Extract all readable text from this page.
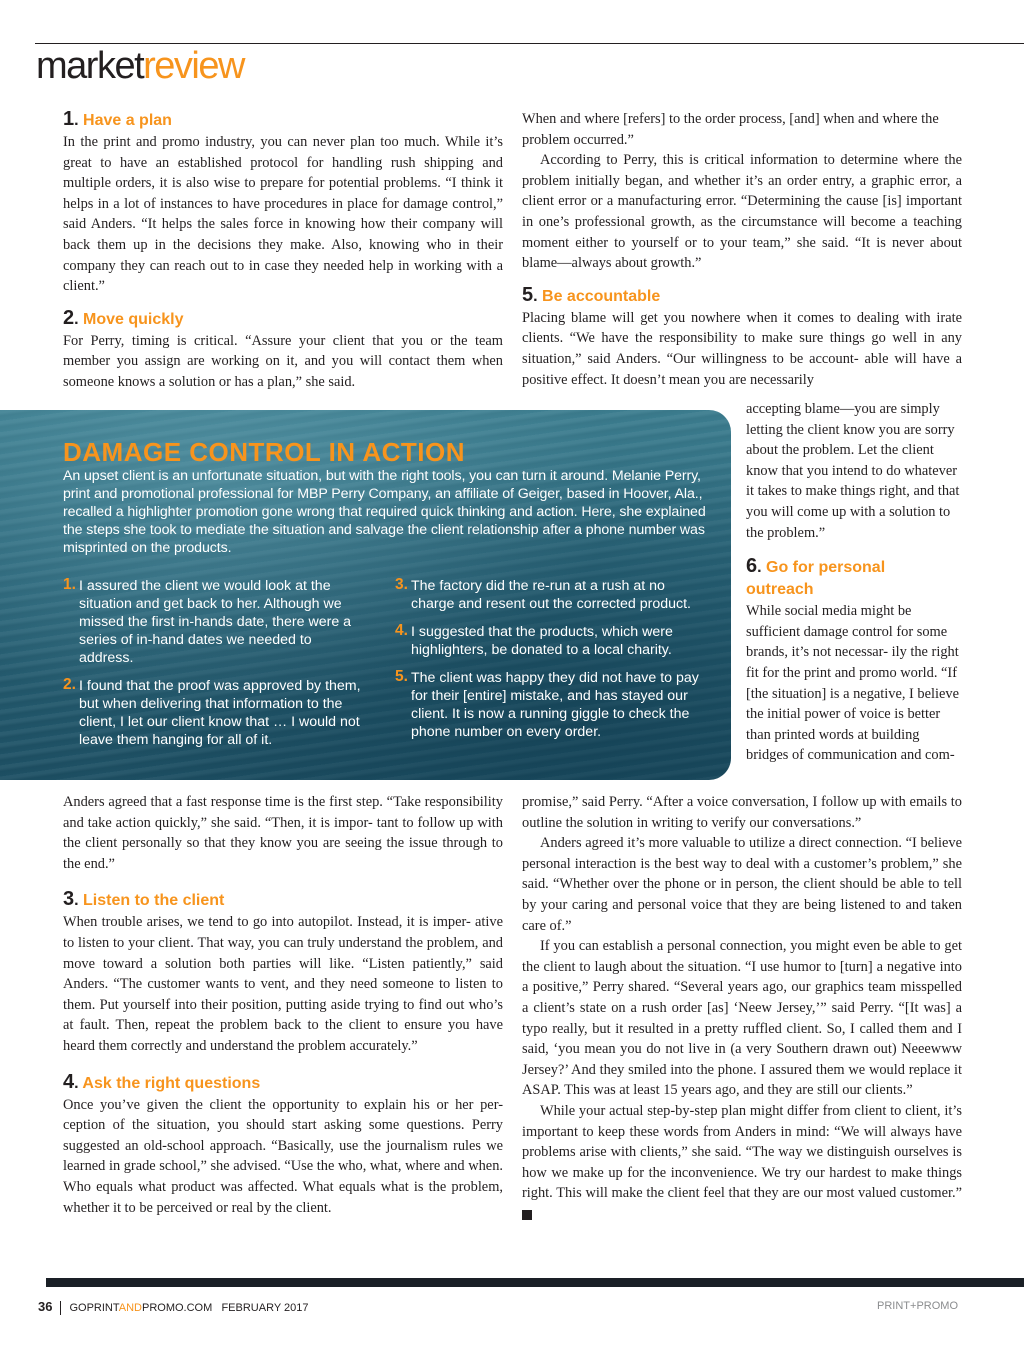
marketreview

1. Have a plan

In the print and promo industry, you can never plan too much. While it’s great to have an established protocol for handling rush shipping and multiple orders, it is also wise to prepare for potential problems. “I think it helps in a lot of instances to have procedures in place for damage control,” said Anders. “It helps the sales force in knowing how their company will back them up in the decisions they make. Also, knowing who in their company they can reach out to in case they needed help in working with a client.”

2. Move quickly

For Perry, timing is critical. “Assure your client that you or the team member you assign are working on it, and you will contact them when someone knows a solution or has a plan,” she said.

When and where [refers] to the order process, [and] when and where the problem occurred.”

According to Perry, this is critical information to determine where the problem initially began, and whether it’s an order entry, a graphic error, a client error or a manufacturing error. “Determining the cause [is] important in one’s professional growth, as the circumstance will become a teaching moment either to yourself or to your team,” she said. “It is never about blame—always about growth.”

5. Be accountable

Placing blame will get you nowhere when it comes to dealing with irate clients. “We have the responsibility to make sure things go well in any situation,” said Anders. “Our willingness to be account- able will have a positive effect. It doesn’t mean you are necessarily

accepting blame—you are simply letting the client know you are sorry about the problem. Let the client know that you intend to do whatever it takes to make things right, and that you will come up with a solution to the problem.”

6. Go for personal
outreach

While social media might be sufficient damage control for some brands, it’s not necessar- ily the right fit for the print and promo world. “If [the situation] is a negative, I believe the initial power of voice is better than printed words at building bridges of communication and com-

DAMAGE CONTROL IN ACTION

An upset client is an unfortunate situation, but with the right tools, you can turn it around. Melanie Perry, print and promotional professional for MBP Perry Company, an affiliate of Geiger, based in Hoover, Ala., recalled a highlighter promotion gone wrong that required quick thinking and action. Here, she explained the steps she took to mediate the situation and salvage the client relationship after a phone number was misprinted on the products.

1. I assured the client we would look at the situation and get back to her. Although we missed the first in-hands date, there were a series of in-hand dates we needed to address.
2. I found that the proof was approved by them, but when delivering that information to the client, I let our client know that … I would not leave them hanging for all of it.
3. The factory did the re-run at a rush at no charge and resent out the corrected product.
4. I suggested that the products, which were highlighters, be donated to a local charity.
5. The client was happy they did not have to pay for their [entire] mistake, and has stayed our client. It is now a running giggle to check the phone number on every order.

Anders agreed that a fast response time is the first step. “Take responsibility and take action quickly,” she said. “Then, it is impor- tant to follow up with the client personally so that they know you are seeing the issue through to the end.”

3. Listen to the client

When trouble arises, we tend to go into autopilot. Instead, it is imper- ative to listen to your client. That way, you can truly understand the problem, and move toward a solution both parties will like. “Listen patiently,” said Anders. “The customer wants to vent, and they need someone to listen to them. Put yourself into their position, putting aside trying to find out who’s at fault. Then, repeat the problem back to the client to ensure you have heard them correctly and understand the problem accurately.”

4. Ask the right questions

Once you’ve given the client the opportunity to explain his or her per- ception of the situation, you should start asking some questions. Perry suggested an old-school approach. “Basically, use the journalism rules we learned in grade school,” she advised. “Use the who, what, where and when. Who equals what product was affected. What equals what is the problem, whether it to be perceived or real by the client.

promise,” said Perry. “After a voice conversation, I follow up with emails to outline the solution in writing to verify our conversations.”

Anders agreed it’s more valuable to utilize a direct connection. “I believe personal interaction is the best way to deal with a customer’s problem,” she said. “Whether over the phone or in person, the client should be able to tell by your caring and personal voice that they are being listened to and taken care of.”

If you can establish a personal connection, you might even be able to get the client to laugh about the situation. “I use humor to [turn] a negative into a positive,” Perry shared. “Several years ago, our graphics team misspelled a client’s state on a rush order [as] ‘Neew Jersey,’” said Perry. “[It was] a typo really, but it resulted in a pretty ruffled client. So, I called them and I said, ‘you mean you do not live in (a very Southern drawn out) Neeewww Jersey?’ And they smiled into the phone. I assured them we would replace it ASAP. This was at least 15 years ago, and they are still our clients.”

While your actual step-by-step plan might differ from client to client, it’s important to keep these words from Anders in mind: “We will always have problems arise with clients,” she said. “The way we distinguish ourselves is how we make up for the inconvenience. We try our hardest to make things right. This will make the client feel that they are our most valued customer.” +

36 GOPRINTANDPROMO.COM FEBRUARY 2017	PRINT+PROMO
